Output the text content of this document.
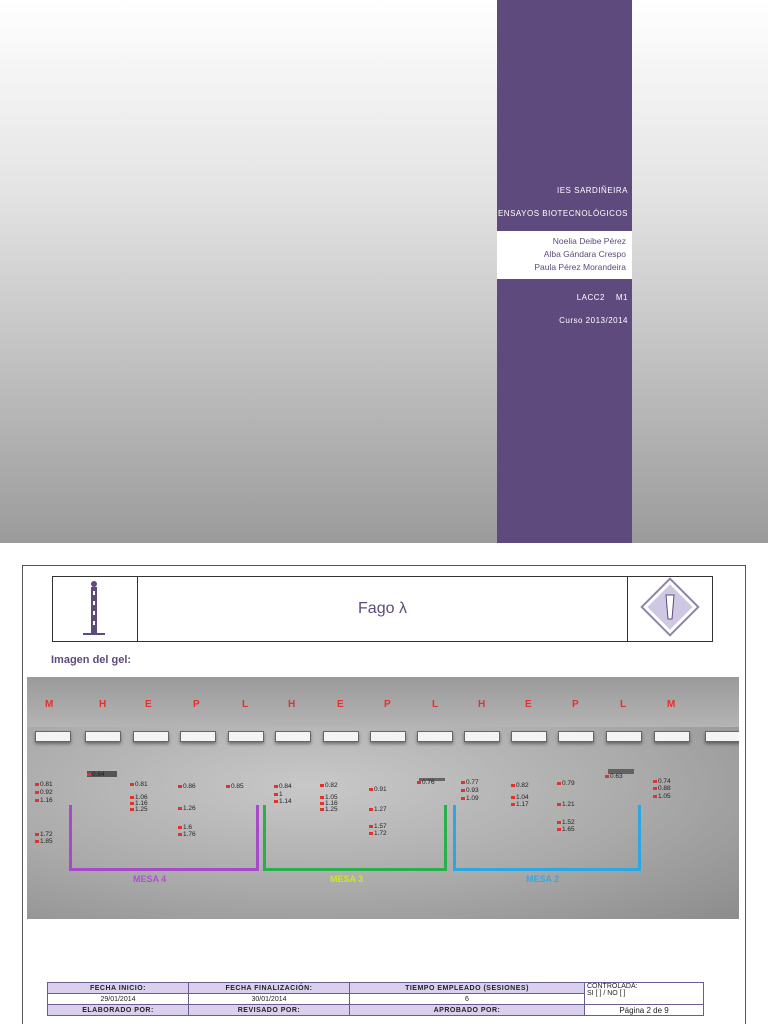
IES SARDIÑEIRA
ENSAYOS BIOTECNOLÓGICOS
Noelia Deibe Pérez
Alba Gándara Crespo
Paula Pérez Morandeira
LACC2    M1
Curso 2013/2014
Fago λ
Imagen del gel:
M	H	E	P	L	H	E	P	L	H	E	P	L	M
0.81
0.92
1.16
1.72
1.85
0.64
0.81
1.06
1.16
1.25
0.86
1.26
1.6
1.76
0.85	0.84
1
1.14
0.82
1.05
1.16
1.25
0.91
1.27
1.57
1.72
0.76	0.77
0.93
1.09
0.82
1.04
1.17
0.79
1.21
1.52
1.65
0.63
0.74
0.88
1.05
MESA 4	MESA 3	MESA 2
FECHA INICIO:	FECHA FINALIZACIÓN:	TIEMPO EMPLEADO (SESIONES)	CONTROLADA:
SI [ ] / NO [ ]

29/01/2014	30/01/2014	6	
ELABORADO POR:	REVISADO POR:	APROBADO POR:	Página 2 de 9
